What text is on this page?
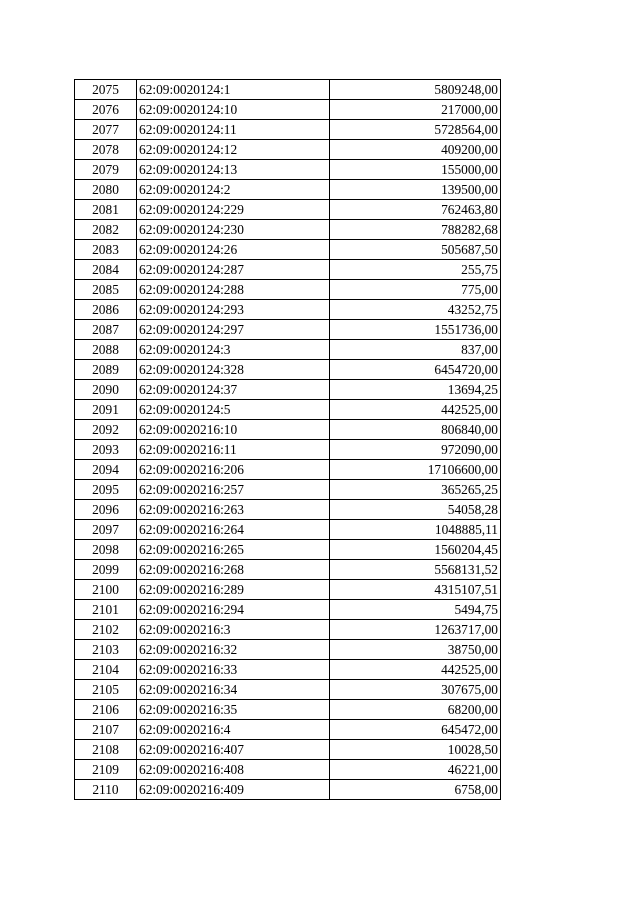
2075	62:09:0020124:1	5809248,00
2076	62:09:0020124:10	217000,00
2077	62:09:0020124:11	5728564,00
2078	62:09:0020124:12	409200,00
2079	62:09:0020124:13	155000,00
2080	62:09:0020124:2	139500,00
2081	62:09:0020124:229	762463,80
2082	62:09:0020124:230	788282,68
2083	62:09:0020124:26	505687,50
2084	62:09:0020124:287	255,75
2085	62:09:0020124:288	775,00
2086	62:09:0020124:293	43252,75
2087	62:09:0020124:297	1551736,00
2088	62:09:0020124:3	837,00
2089	62:09:0020124:328	6454720,00
2090	62:09:0020124:37	13694,25
2091	62:09:0020124:5	442525,00
2092	62:09:0020216:10	806840,00
2093	62:09:0020216:11	972090,00
2094	62:09:0020216:206	17106600,00
2095	62:09:0020216:257	365265,25
2096	62:09:0020216:263	54058,28
2097	62:09:0020216:264	1048885,11
2098	62:09:0020216:265	1560204,45
2099	62:09:0020216:268	5568131,52
2100	62:09:0020216:289	4315107,51
2101	62:09:0020216:294	5494,75
2102	62:09:0020216:3	1263717,00
2103	62:09:0020216:32	38750,00
2104	62:09:0020216:33	442525,00
2105	62:09:0020216:34	307675,00
2106	62:09:0020216:35	68200,00
2107	62:09:0020216:4	645472,00
2108	62:09:0020216:407	10028,50
2109	62:09:0020216:408	46221,00
2110	62:09:0020216:409	6758,00
